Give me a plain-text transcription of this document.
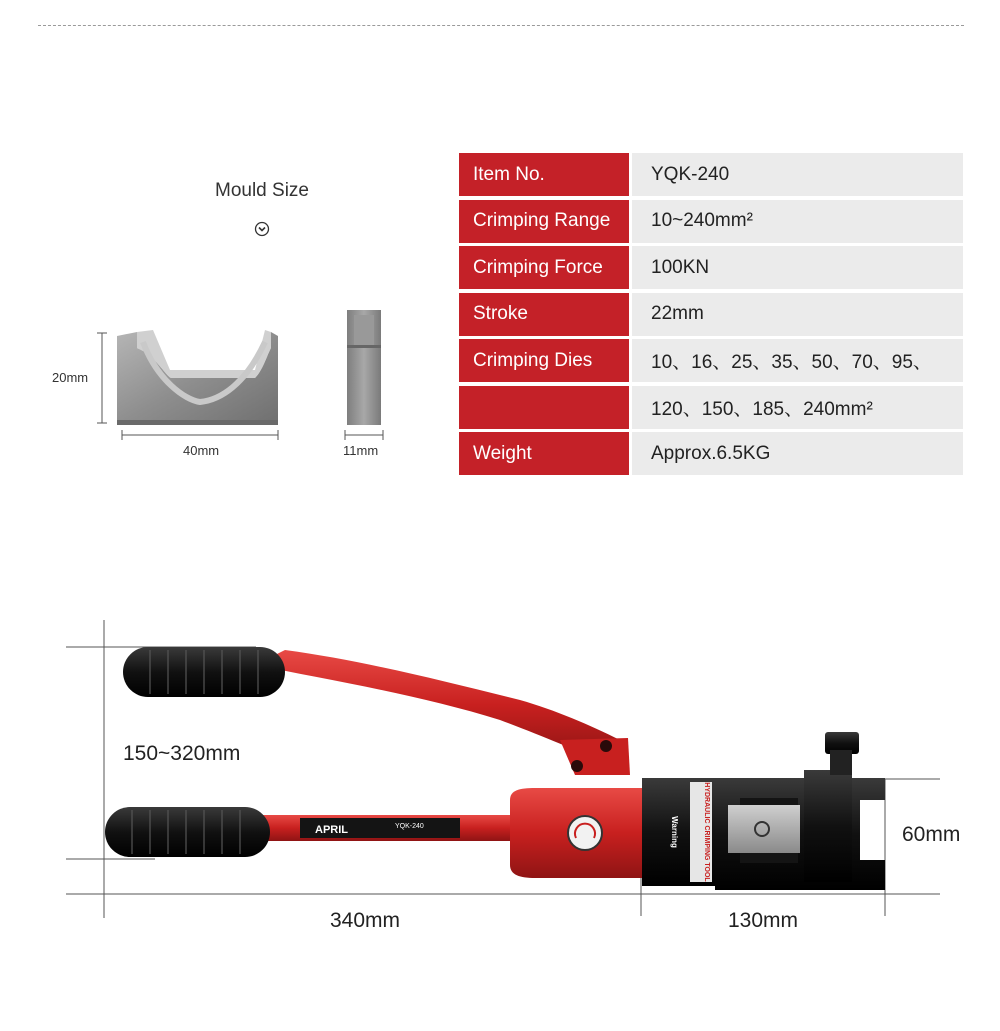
Mould Size
20mm
40mm	11mm
Item No.	YQK-240
Crimping Range	10~240mm²
Crimping Force	100KN
Stroke	22mm
Crimping Dies	10、16、25、35、50、70、95、
120、150、185、240mm²
Weight	Approx.6.5KG
APRIL	YQK-240	HYDRAULIC CRIMPING TOOL
Warning
150~320mm
340mm	130mm
60mm
